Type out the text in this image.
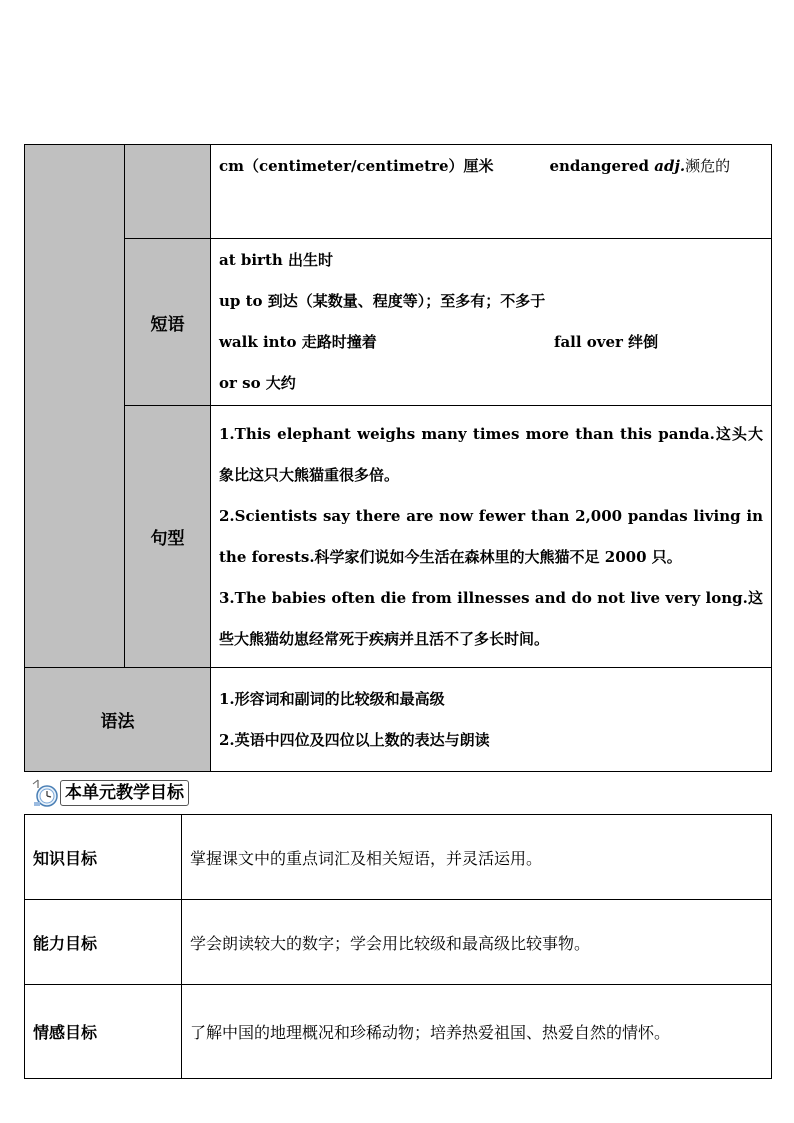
		cm（centimeter/centimetre）厘米 endangered adj.濒危的

	短语	at birth 出生时
up to 到达（某数量、程度等）；至多有；不多于
walk into 走路时撞着 fall over 绊倒
or so 大约

	句型	1.This elephant weighs many times more than this panda.这头大象比这只大熊猫重很多倍。
2.Scientists say there are now fewer than 2,000 pandas living in the forests.科学家们说如今生活在森林里的大熊猫不足 2000 只。
3.The babies often die from illnesses and do not live very long.这些大熊猫幼崽经常死于疾病并且活不了多长时间。

语法		1.形容词和副词的比较级和最高级
2.英语中四位及四位以上数的表达与朗读
本单元教学目标
知识目标	掌握课文中的重点词汇及相关短语，并灵活运用。
能力目标	学会朗读较大的数字；学会用比较级和最高级比较事物。
情感目标	了解中国的地理概况和珍稀动物；培养热爱祖国、热爱自然的情怀。
